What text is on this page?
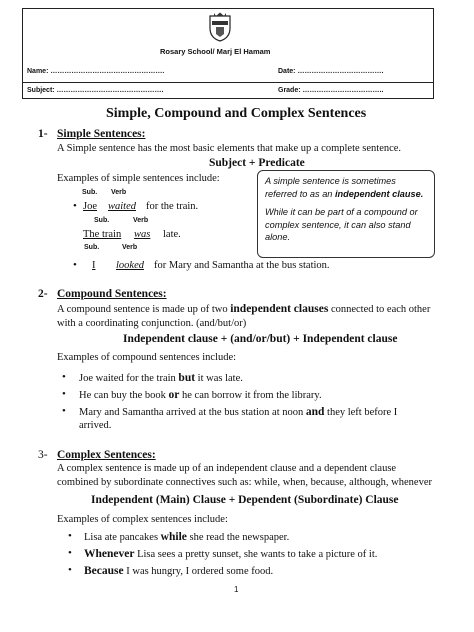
Rosary School/ Marj El Hamam
Name: ………………………………………….	Date: ……………………………….
Subject: ……………………………………….	Grade: ……………………………..
Simple, Compound and Complex Sentences
1- Simple Sentences:
A Simple sentence has the most basic elements that make up a complete sentence.
Subject + Predicate
Examples of simple sentences include:
Sub. Verb
• Joe waited for the train.
Sub.	Verb
The train was late.
Sub.	Verb
• I looked for Mary and Samantha at the bus station.
A simple sentence is sometimes referred to as an independent clause.
While it can be part of a compound or complex sentence, it can also stand alone.
2- Compound Sentences:
A compound sentence is made up of two independent clauses connected to each other
with a coordinating conjunction. (and/but/or)
Independent clause + (and/or/but) + Independent clause
Examples of compound sentences include:
• Joe waited for the train but it was late.
• He can buy the book or he can borrow it from the library.
• Mary and Samantha arrived at the bus station at noon and they left before I
arrived.
3- Complex Sentences:
A complex sentence is made up of an independent clause and a dependent clause
combined by subordinate connectives such as: while, when, because, although, whenever
Independent (Main) Clause + Dependent (Subordinate) Clause
Examples of complex sentences include:
• Lisa ate pancakes while she read the newspaper.
• Whenever Lisa sees a pretty sunset, she wants to take a picture of it.
• Because I was hungry, I ordered some food.
1
